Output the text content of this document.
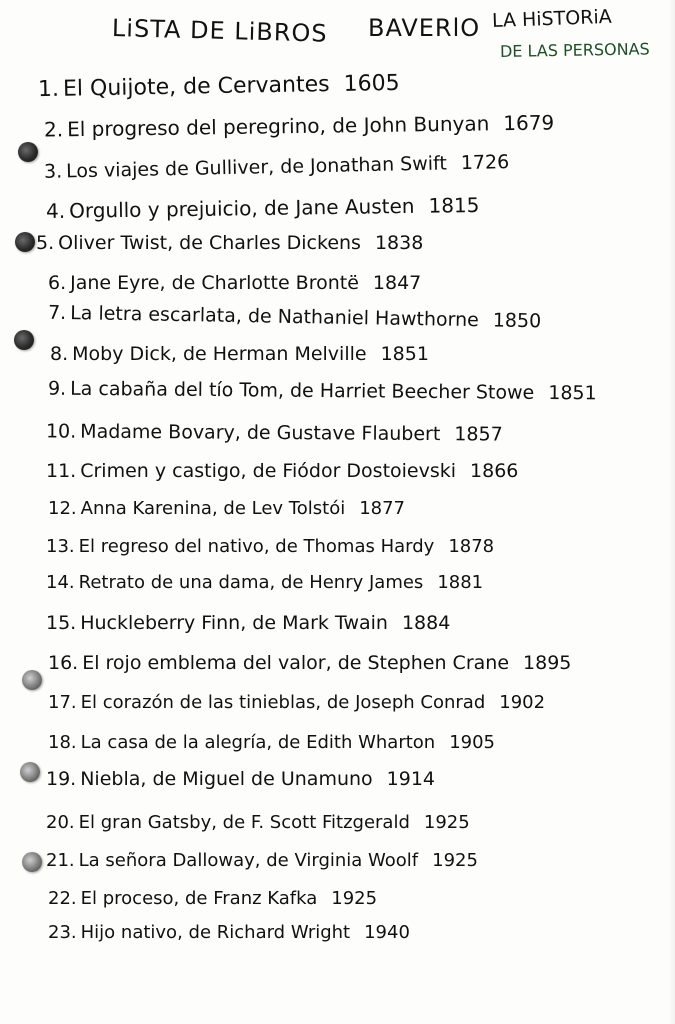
LiSTA DE LiBROS BAVERlO LA HiSTORiA
DE LAS PERSONAS
1. El Quijote, de Cervantes 1605
2. El progreso del peregrino, de John Bunyan 1679
3. Los viajes de Gulliver, de Jonathan Swift 1726
4. Orgullo y prejuicio, de Jane Austen 1815
5. Oliver Twist, de Charles Dickens 1838
6. Jane Eyre, de Charlotte Brontë 1847
7. La letra escarlata, de Nathaniel Hawthorne 1850
8. Moby Dick, de Herman Melville 1851
9. La cabaña del tío Tom, de Harriet Beecher Stowe 1851
10. Madame Bovary, de Gustave Flaubert 1857
11. Crimen y castigo, de Fiódor Dostoievski 1866
12. Anna Karenina, de Lev Tolstói 1877
13. El regreso del nativo, de Thomas Hardy 1878
14. Retrato de una dama, de Henry James 1881
15. Huckleberry Finn, de Mark Twain 1884
16. El rojo emblema del valor, de Stephen Crane 1895
17. El corazón de las tinieblas, de Joseph Conrad 1902
18. La casa de la alegría, de Edith Wharton 1905
19. Niebla, de Miguel de Unamuno 1914
20. El gran Gatsby, de F. Scott Fitzgerald 1925
21. La señora Dalloway, de Virginia Woolf 1925
22. El proceso, de Franz Kafka 1925
23. Hijo nativo, de Richard Wright 1940
